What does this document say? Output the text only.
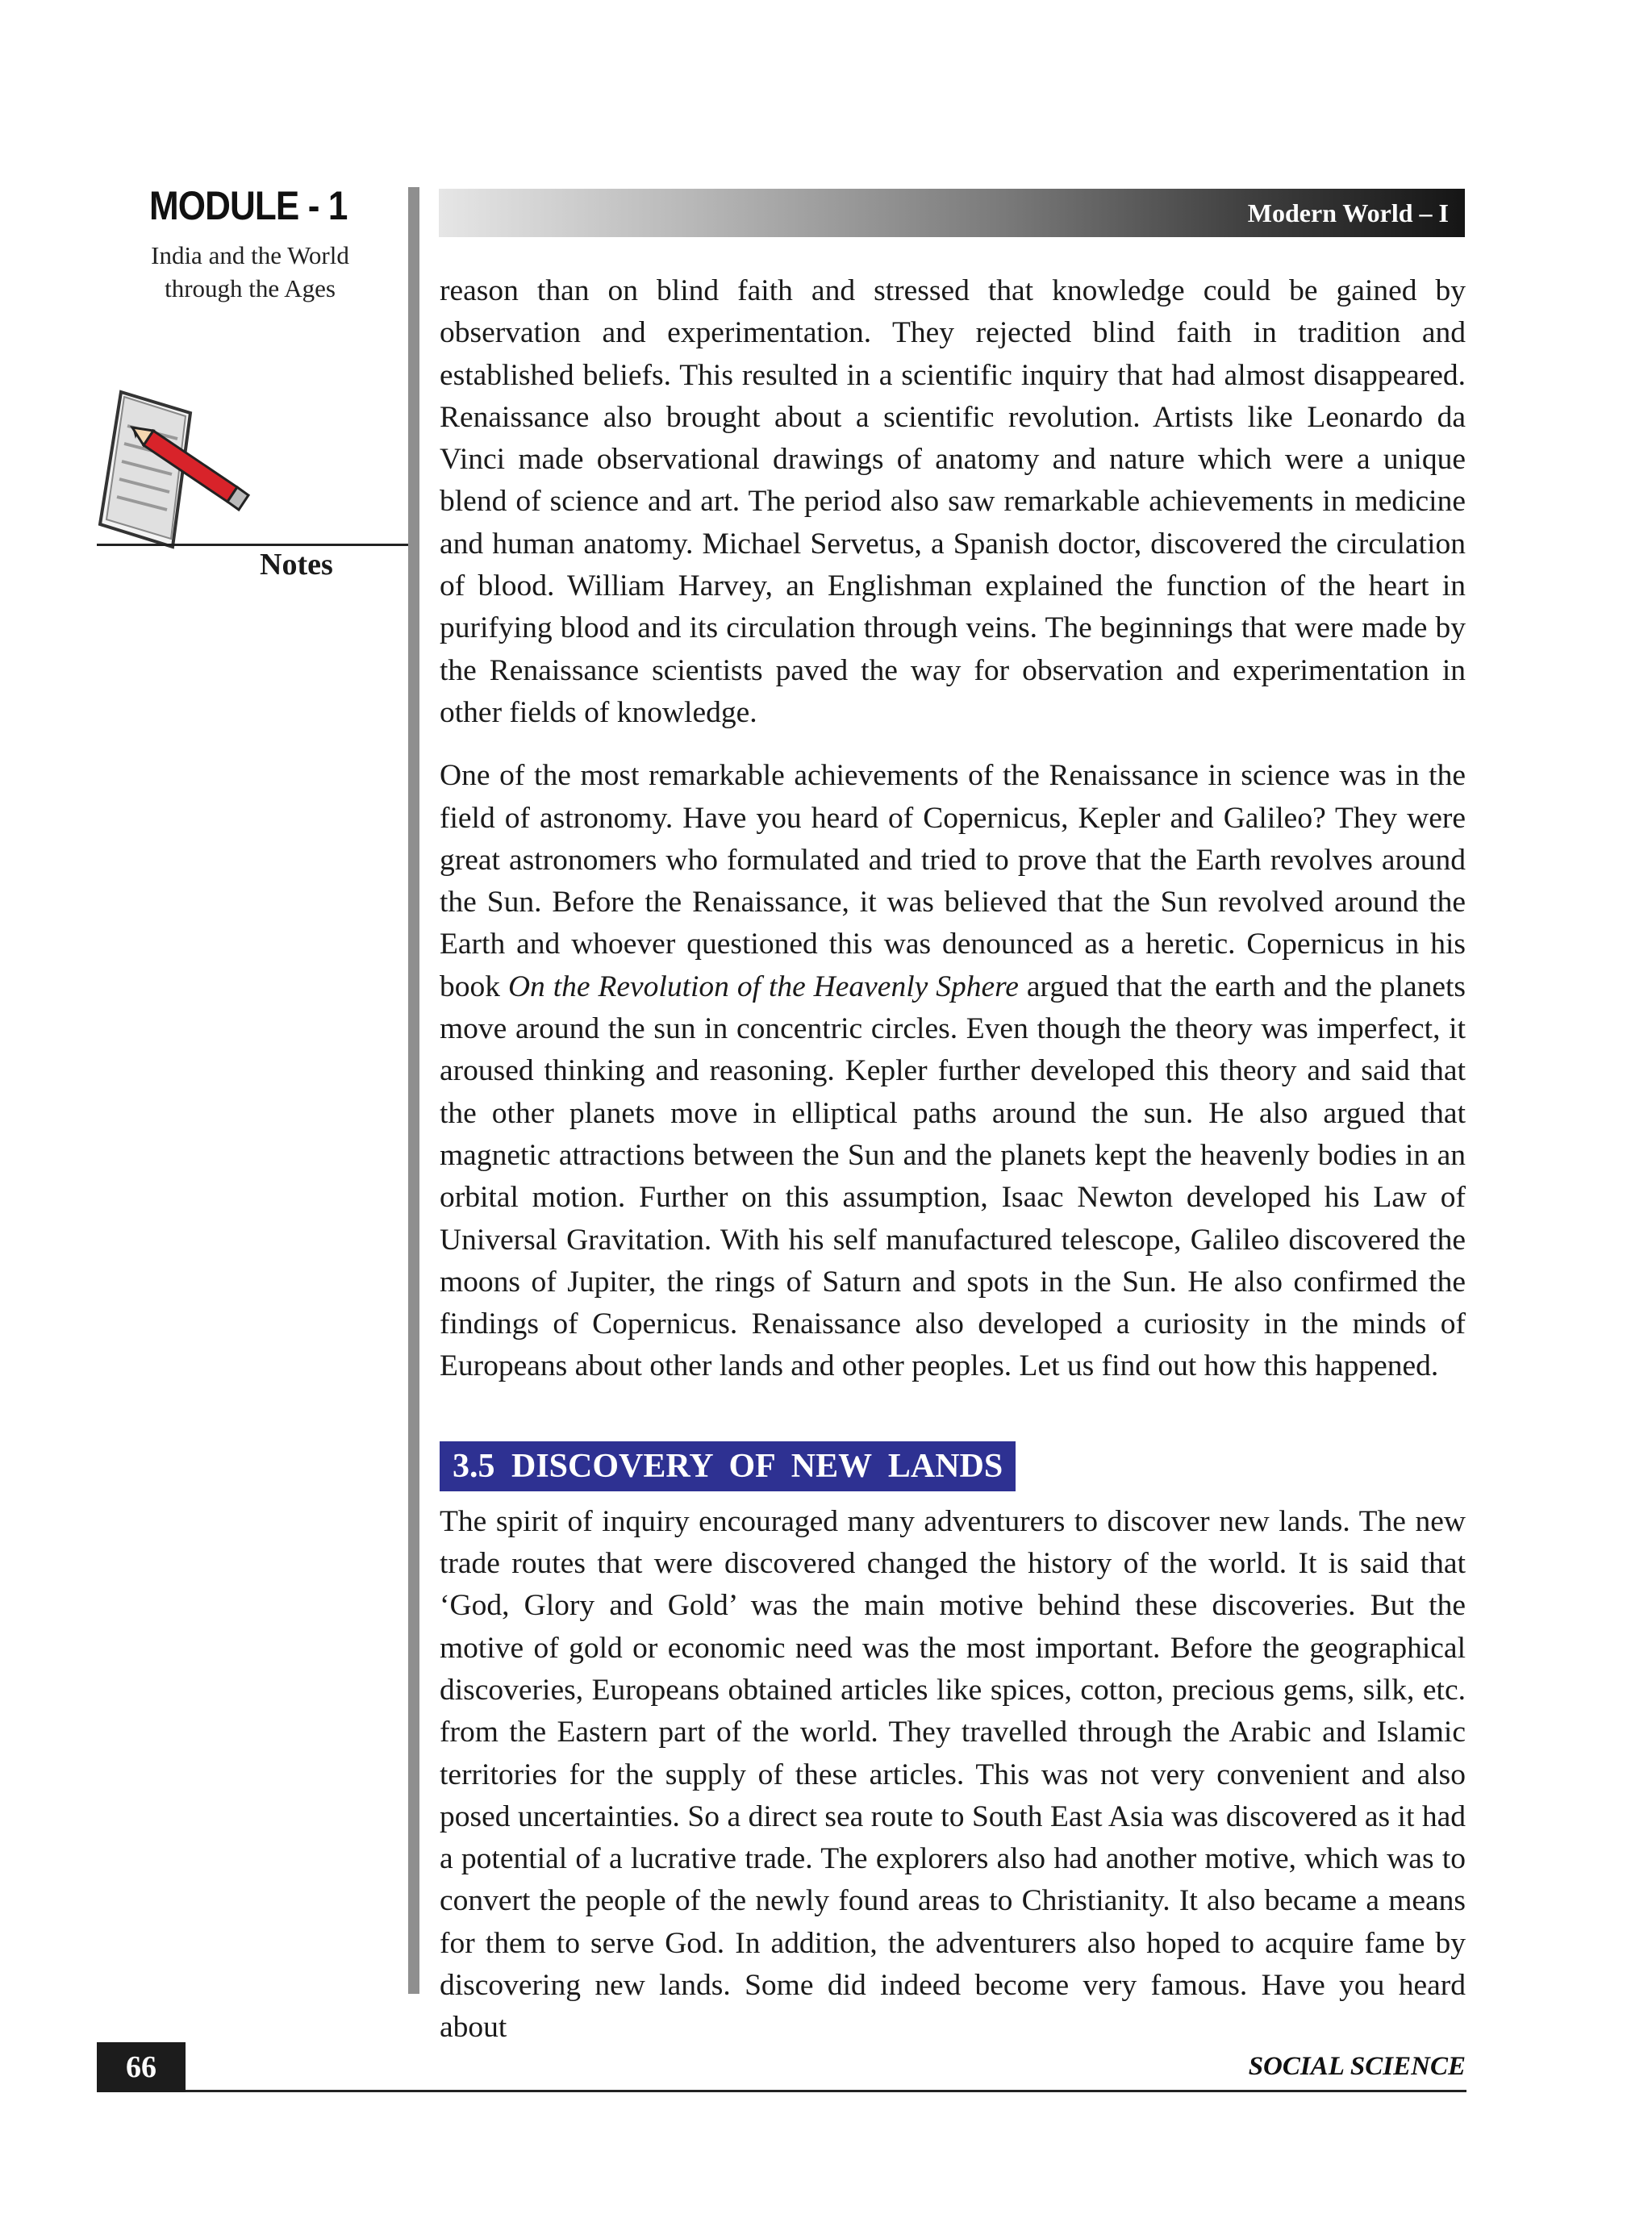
MODULE - 1
India and the World
through the Ages
Notes
Modern World – I

reason than on blind faith and stressed that knowledge could be gained by observation and experimentation. They rejected blind faith in tradition and established beliefs. This resulted in a scientific inquiry that had almost disappeared. Renaissance also brought about a scientific revolution. Artists like Leonardo da Vinci made observational drawings of anatomy and nature which were a unique blend of science and art. The period also saw remarkable achievements in medicine and human anatomy. Michael Servetus, a Spanish doctor, discovered the circulation of blood. William Harvey, an Englishman explained the function of the heart in purifying blood and its circulation through veins. The beginnings that were made by the Renaissance scientists paved the way for observation and experimentation in other fields of knowledge.

One of the most remarkable achievements of the Renaissance in science was in the field of astronomy. Have you heard of Copernicus, Kepler and Galileo? They were great astronomers who formulated and tried to prove that the Earth revolves around the Sun. Before the Renaissance, it was believed that the Sun revolved around the Earth and whoever questioned this was denounced as a heretic. Copernicus in his book On the Revolution of the Heavenly Sphere argued that the earth and the planets move around the sun in concentric circles. Even though the theory was imperfect, it aroused thinking and reasoning. Kepler further developed this theory and said that the other planets move in elliptical paths around the sun. He also argued that magnetic attractions between the Sun and the planets kept the heavenly bodies in an orbital motion. Further on this assumption, Isaac Newton developed his Law of Universal Gravitation. With his self manufactured telescope, Galileo discovered the moons of Jupiter, the rings of Saturn and spots in the Sun. He also confirmed the findings of Copernicus. Renaissance also developed a curiosity in the minds of Europeans about other lands and other peoples. Let us find out how this happened.

3.5 DISCOVERY OF NEW LANDS

The spirit of inquiry encouraged many adventurers to discover new lands. The new trade routes that were discovered changed the history of the world. It is said that ‘God, Glory and Gold’ was the main motive behind these discoveries. But the motive of gold or economic need was the most important. Before the geographical discoveries, Europeans obtained articles like spices, cotton, precious gems, silk, etc. from the Eastern part of the world. They travelled through the Arabic and Islamic territories for the supply of these articles. This was not very convenient and also posed uncertainties. So a direct sea route to South East Asia was discovered as it had a potential of a lucrative trade. The explorers also had another motive, which was to convert the people of the newly found areas to Christianity. It also became a means for them to serve God. In addition, the adventurers also hoped to acquire fame by discovering new lands. Some did indeed become very famous. Have you heard about

66	SOCIAL SCIENCE
